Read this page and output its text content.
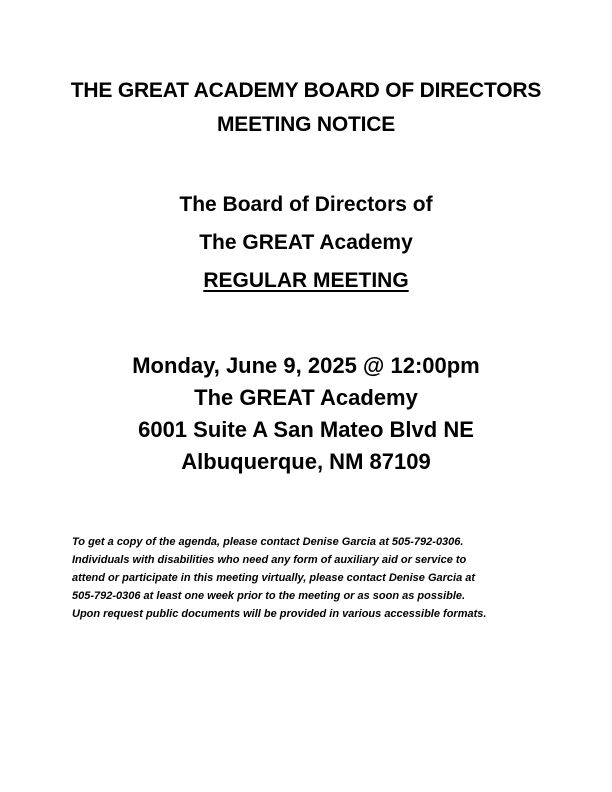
THE GREAT ACADEMY BOARD OF DIRECTORS
MEETING NOTICE
The Board of Directors of
The GREAT Academy
REGULAR MEETING
Monday, June 9, 2025 @ 12:00pm
The GREAT Academy
6001 Suite A San Mateo Blvd NE
Albuquerque, NM 87109
To get a copy of the agenda, please contact Denise Garcia at 505-792-0306.
Individuals with disabilities who need any form of auxiliary aid or service to
attend or participate in this meeting virtually, please contact Denise Garcia at
505-792-0306 at least one week prior to the meeting or as soon as possible.
Upon request public documents will be provided in various accessible formats.
